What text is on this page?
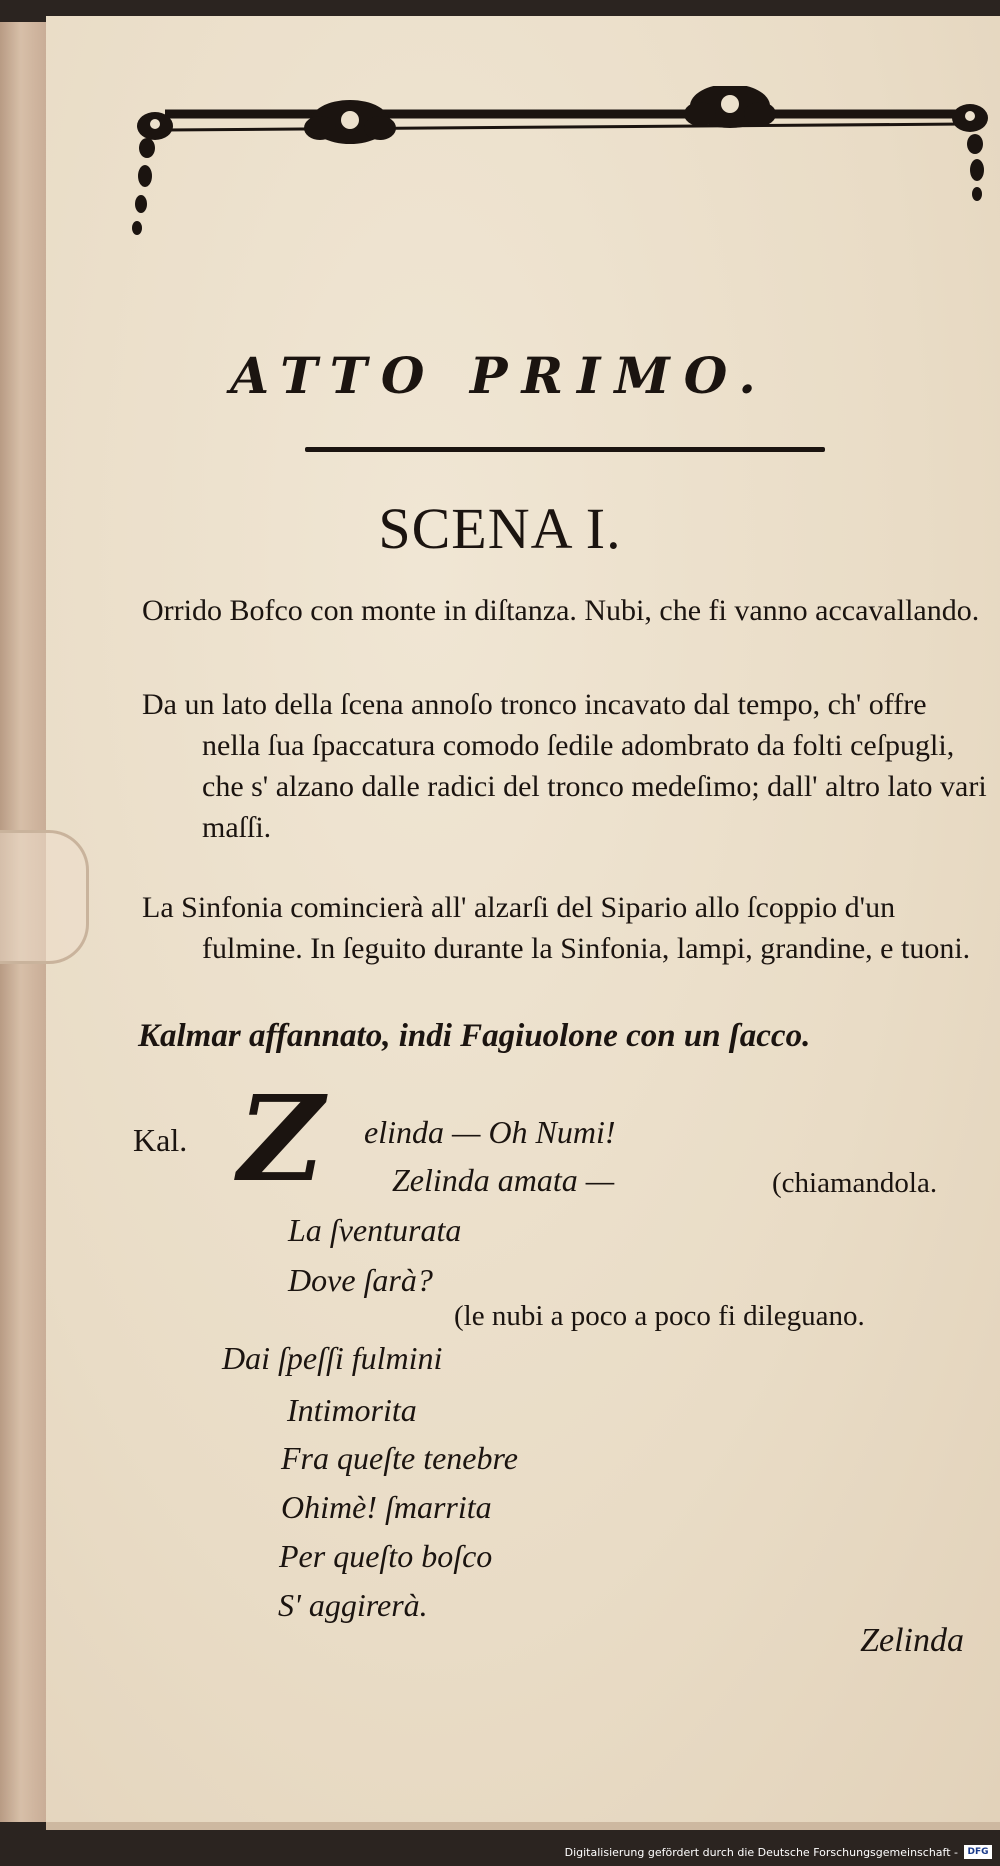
ATTO PRIMO.
SCENA I.
Orrido Bofco con monte in diſtanza. Nubi, che fi vanno accavallando.
Da un lato della ſcena annoſo tronco incavato dal tempo, ch' offre nella ſua ſpaccatura comodo ſedile adombrato da folti ceſpugli, che s' alzano dalle radici del tronco medeſimo; dall' altro lato vari maſſi.
La Sinfonia comincierà all' alzarſi del Sipario allo ſcoppio d'un fulmine. In ſeguito durante la Sinfonia, lampi, grandine, e tuoni.
Kalmar affannato, indi Fagiuolone con un ſacco.
Kal. Z elinda — Oh Numi!
Zelinda amata —	(chiamandola.
La ſventurata
Dove ſarà?
(le nubi a poco a poco fi dileguano.
Dai ſpeſſi fulmini
Intimorita
Fra queſte tenebre
Ohimè! ſmarrita
Per queſto boſco
S' aggirerà.
Zelinda
Digitalisierung gefördert durch die Deutsche Forschungsgemeinschaft -	DFG
